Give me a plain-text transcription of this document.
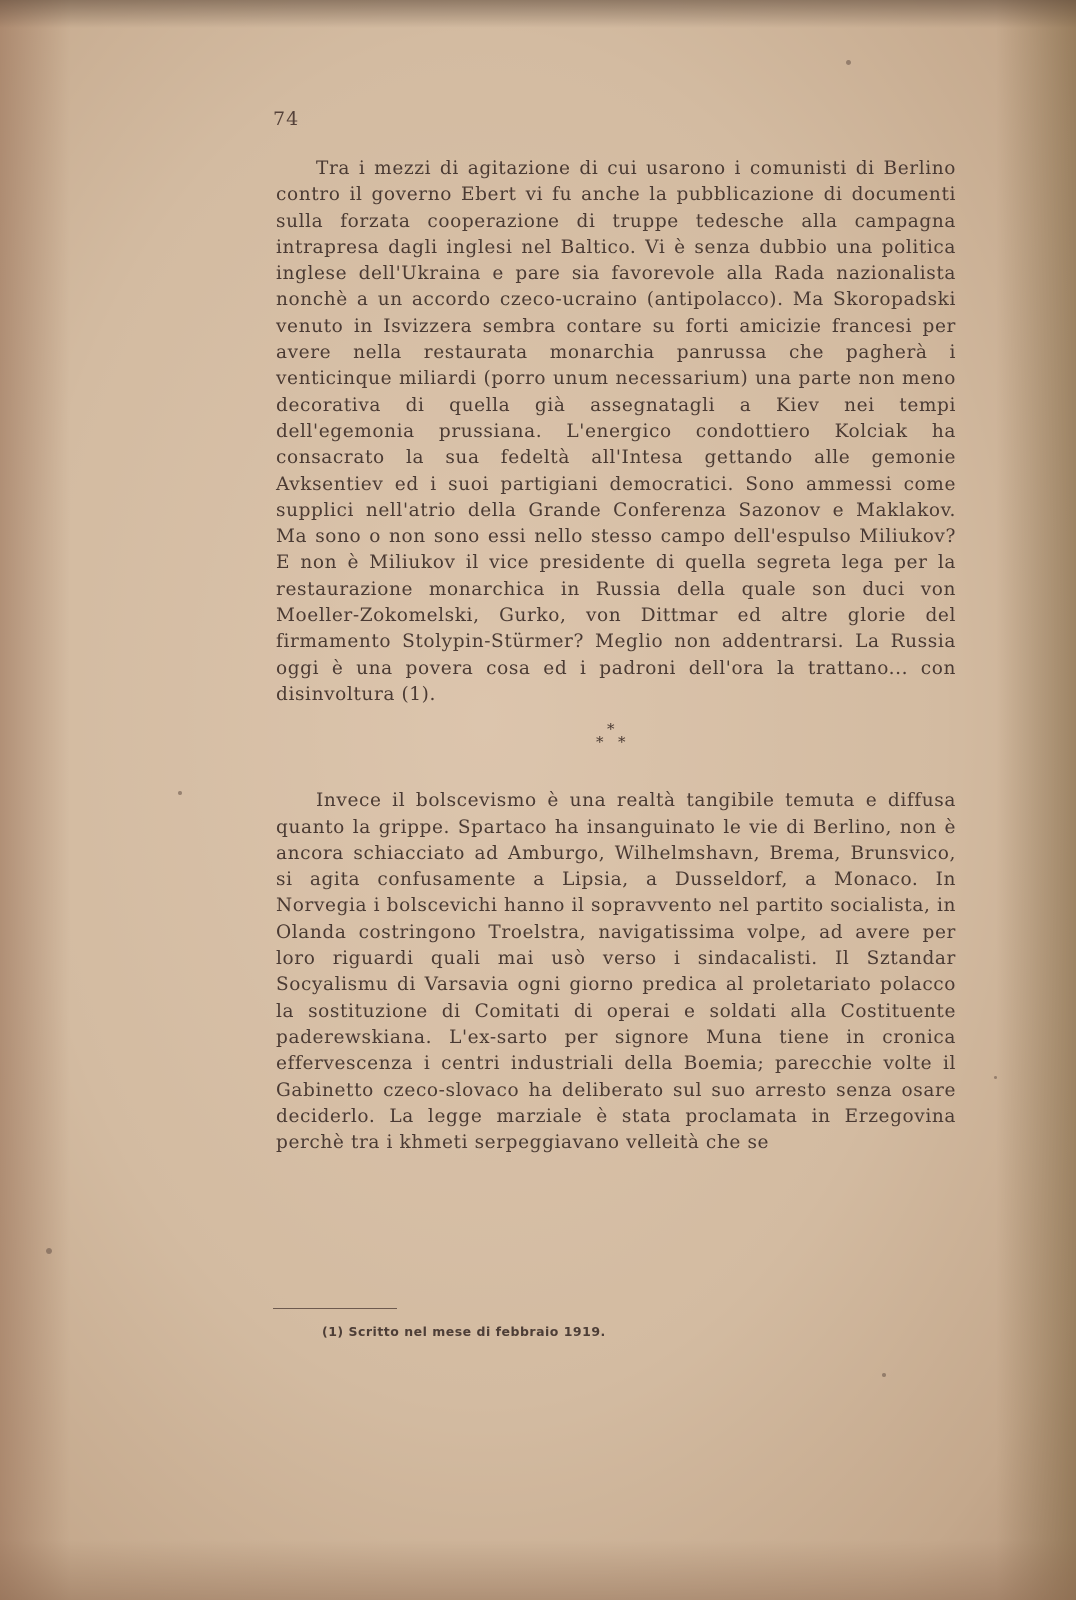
74

Tra i mezzi di agitazione di cui usarono i comunisti di Berlino contro il governo Ebert vi fu anche la pubblicazione di documenti sulla forzata cooperazione di truppe tedesche alla campagna intrapresa dagli inglesi nel Baltico. Vi è senza dubbio una politica inglese dell'Ukraina e pare sia favorevole alla Rada nazionalista nonchè a un accordo czeco-ucraino (antipolacco). Ma Skoropadski venuto in Isvizzera sembra contare su forti amicizie francesi per avere nella restaurata monarchia panrussa che pagherà i venticinque miliardi (porro unum necessarium) una parte non meno decorativa di quella già assegnatagli a Kiev nei tempi dell'egemonia prussiana. L'energico condottiero Kolciak ha consacrato la sua fedeltà all'Intesa gettando alle gemonie Avksentiev ed i suoi partigiani democratici. Sono ammessi come supplici nell'atrio della Grande Conferenza Sazonov e Maklakov. Ma sono o non sono essi nello stesso campo dell'espulso Miliukov? E non è Miliukov il vice presidente di quella segreta lega per la restaurazione monarchica in Russia della quale son duci von Moeller-Zokomelski, Gurko, von Dittmar ed altre glorie del firmamento Stolypin-Stürmer? Meglio non addentrarsi. La Russia oggi è una povera cosa ed i padroni dell'ora la trattano... con disinvoltura (1).

*
* *

Invece il bolscevismo è una realtà tangibile temuta e diffusa quanto la grippe. Spartaco ha insanguinato le vie di Berlino, non è ancora schiacciato ad Amburgo, Wilhelmshavn, Brema, Brunsvico, si agita confusamente a Lipsia, a Dusseldorf, a Monaco. In Norvegia i bolscevichi hanno il sopravvento nel partito socialista, in Olanda costringono Troelstra, navigatissima volpe, ad avere per loro riguardi quali mai usò verso i sindacalisti. Il Sztandar Socyalismu di Varsavia ogni giorno predica al proletariato polacco la sostituzione di Comitati di operai e soldati alla Costituente paderewskiana. L'ex-sarto per signore Muna tiene in cronica effervescenza i centri industriali della Boemia; parecchie volte il Gabinetto czeco-slovaco ha deliberato sul suo arresto senza osare deciderlo. La legge marziale è stata proclamata in Erzegovina perchè tra i khmeti serpeggiavano velleità che se

(1) Scritto nel mese di febbraio 1919.
